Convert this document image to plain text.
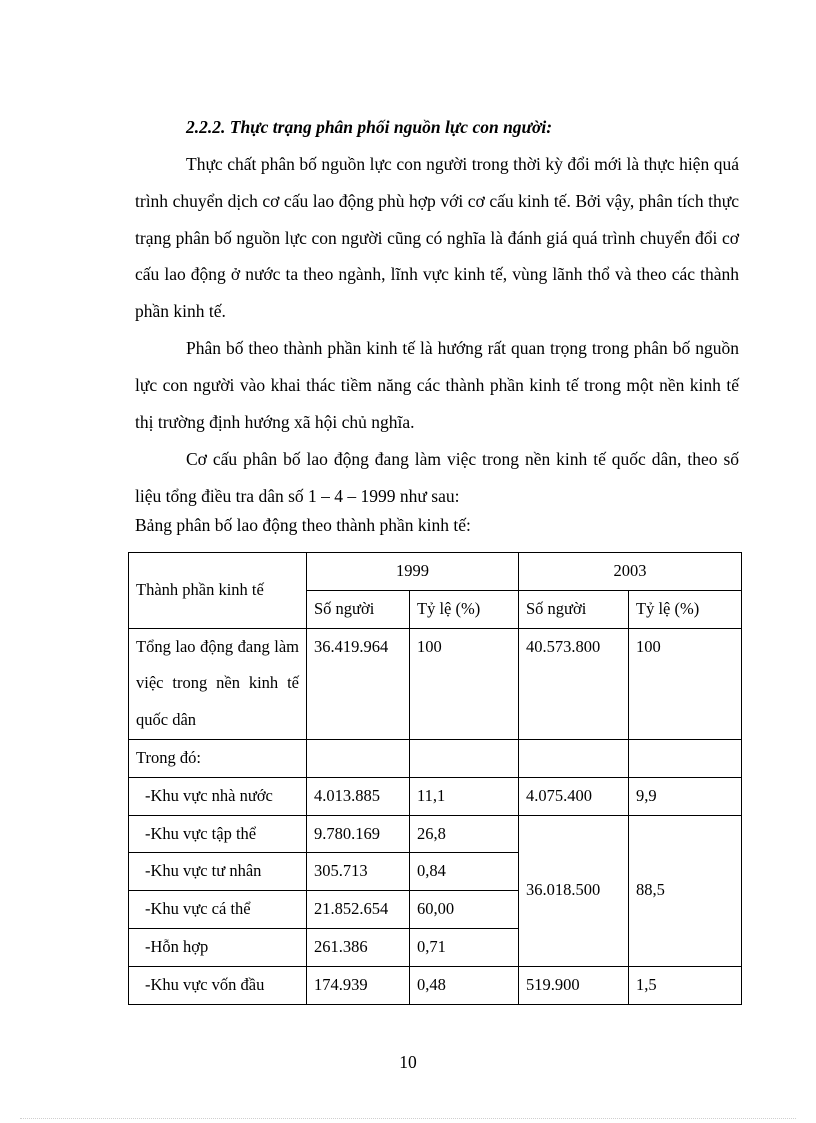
2.2.2. Thực trạng phân phối nguồn lực con người:

Thực chất phân bố nguồn lực con người trong thời kỳ đổi mới là thực hiện quá trình chuyển dịch cơ cấu lao động phù hợp với cơ cấu kinh tế. Bởi vậy, phân tích thực trạng phân bố nguồn lực con người cũng có nghĩa là đánh giá quá trình chuyển đổi cơ cấu lao động ở nước ta theo ngành, lĩnh vực kinh tế, vùng lãnh thổ và theo các thành phần kinh tế.

Phân bố theo thành phần kinh tế là hướng rất quan trọng trong phân bố nguồn lực con người vào khai thác tiềm năng các thành phần kinh tế trong một nền kinh tế thị trường định hướng xã hội chủ nghĩa.

Cơ cấu phân bố lao động đang làm việc trong nền kinh tế quốc dân, theo số liệu tổng điều tra dân số 1 – 4 – 1999 như sau:

Bảng phân bố lao động theo thành phần kinh tế:

Thành phần kinh tế	1999		2003	
	Số người	Tỷ lệ (%)	Số người	Tỷ lệ (%)
Tổng lao động đang làm việc trong nền kinh tế quốc dân	36.419.964	100	40.573.800	100
Trong đó:				
-Khu vực nhà nước	4.013.885	11,1	4.075.400	9,9
-Khu vực tập thể	9.780.169	26,8	36.018.500	88,5
-Khu vực tư nhân	305.713	0,84		
-Khu vực cá thể	21.852.654	60,00		
-Hỗn hợp	261.386	0,71		
-Khu vực vốn đầu	174.939	0,48	519.900	1,5

10
